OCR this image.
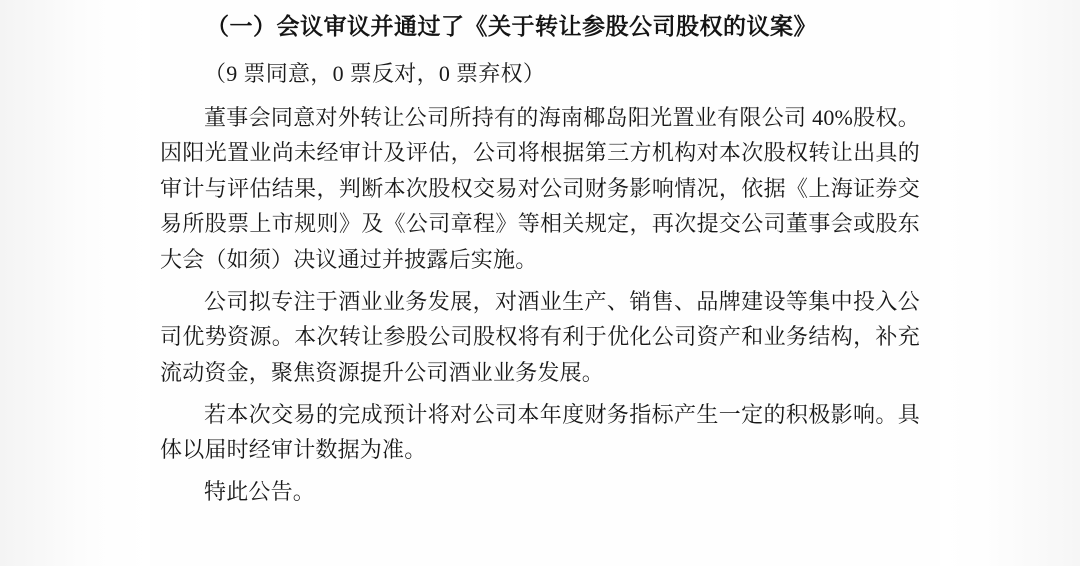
（一）会议审议并通过了《关于转让参股公司股权的议案》

（9 票同意，0 票反对，0 票弃权）

董事会同意对外转让公司所持有的海南椰岛阳光置业有限公司 40%股权。因阳光置业尚未经审计及评估，公司将根据第三方机构对本次股权转让出具的审计与评估结果，判断本次股权交易对公司财务影响情况，依据《上海证券交易所股票上市规则》及《公司章程》等相关规定，再次提交公司董事会或股东大会（如须）决议通过并披露后实施。

公司拟专注于酒业业务发展，对酒业生产、销售、品牌建设等集中投入公司优势资源。本次转让参股公司股权将有利于优化公司资产和业务结构，补充流动资金，聚焦资源提升公司酒业业务发展。

若本次交易的完成预计将对公司本年度财务指标产生一定的积极影响。具体以届时经审计数据为准。

特此公告。
